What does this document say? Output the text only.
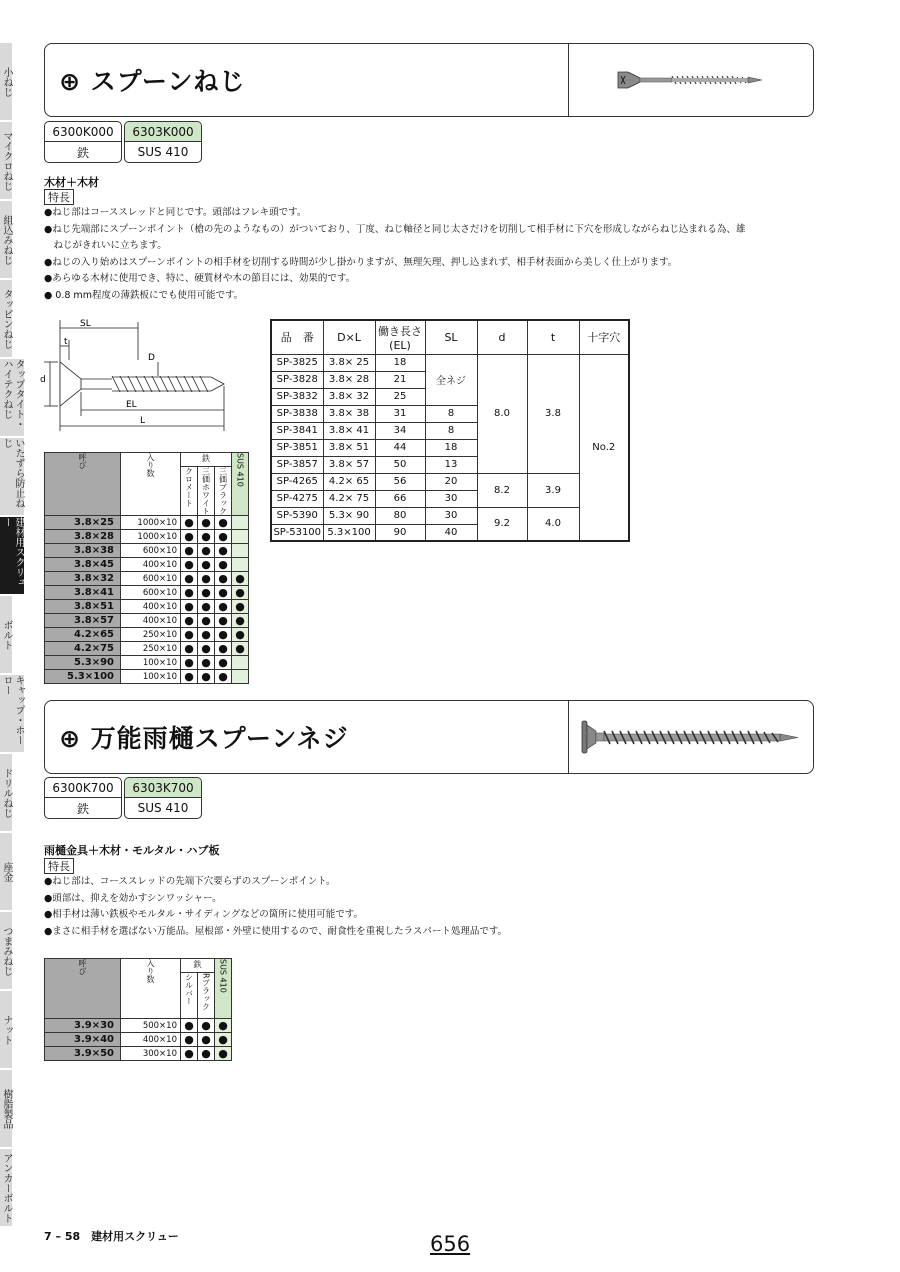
小ねじ
マイクロねじ
組込みねじ
タッピンねじ
タップタイト・ハイテクねじ
いたずら防止ねじ
建材用スクリュー
ボルト
キャップ・ホーロー
ドリルねじ
座金
つまみねじ
ナット
樹脂製品
アンカーボルト
⊕ スプーンねじ
6300K000
鉄
6303K000
SUS 410
木材＋木材
特長
●ねじ部はコーススレッドと同じです。頭部はフレキ頭です。
●ねじ先端部にスプーンポイント（槍の先のようなもの）がついており、丁度、ねじ軸径と同じ太さだけを切削して相手材に下穴を形成しながらねじ込まれる為、雄
　ねじがきれいに立ちます。
●ねじの入り始めはスプーンポイントの相手材を切削する時間が少し掛かりますが、無理矢理、押し込まれず、相手材表面から美しく仕上がります。
●あらゆる木材に使用でき、特に、硬質材や木の節目には、効果的です。
● 0.8 mm程度の薄鉄板にでも使用可能です。
SL
t
D
d
EL
L
呼び	入り数	鉄			SUS 410

		クロメート	三価ホワイト	三価ブラック	

3.8×25	1000×10	●	●	●	
3.8×28	1000×10	●	●	●	
3.8×38	600×10	●	●	●	
3.8×45	400×10	●	●	●	
3.8×32	600×10	●	●	●	●
3.8×41	600×10	●	●	●	●
3.8×51	400×10	●	●	●	●
3.8×57	400×10	●	●	●	●
4.2×65	250×10	●	●	●	●
4.2×75	250×10	●	●	●	●
5.3×90	100×10	●	●	●	
5.3×100	100×10	●	●	●	
品　番	D×L	働き長さ (EL)	SL	d	t	十字穴
SP-3825	3.8× 25	18	全ネジ	8.0	3.8	No.2
SP-3828	3.8× 28	21				
SP-3832	3.8× 32	25				
SP-3838	3.8× 38	31	8			
SP-3841	3.8× 41	34	8			
SP-3851	3.8× 51	44	18			
SP-3857	3.8× 57	50	13			
SP-4265	4.2× 65	56	20	8.2	3.9	
SP-4275	4.2× 75	66	30			
SP-5390	5.3× 90	80	30	9.2	4.0	
SP-53100	5.3×100	90	40			
⊕ 万能雨樋スプーンネジ
6300K700
鉄
6303K700
SUS 410
雨樋金具＋木材・モルタル・ハブ板
特長
●ねじ部は、コーススレッドの先端下穴要らずのスプーンポイント。
●頭部は、抑えを効かすシンワッシャー。
●相手材は薄い鉄板やモルタル・サイディングなどの箇所に使用可能です。
●まさに相手材を選ばない万能品。屋根部・外壁に使用するので、耐食性を重視したラスパート処理品です。
呼び	入り数	鉄		SUS 410

		シルバー	Rブラック	

3.9×30	500×10	●	●	●
3.9×40	400×10	●	●	●
3.9×50	300×10	●	●	●
7 – 58　建材用スクリュー	656
